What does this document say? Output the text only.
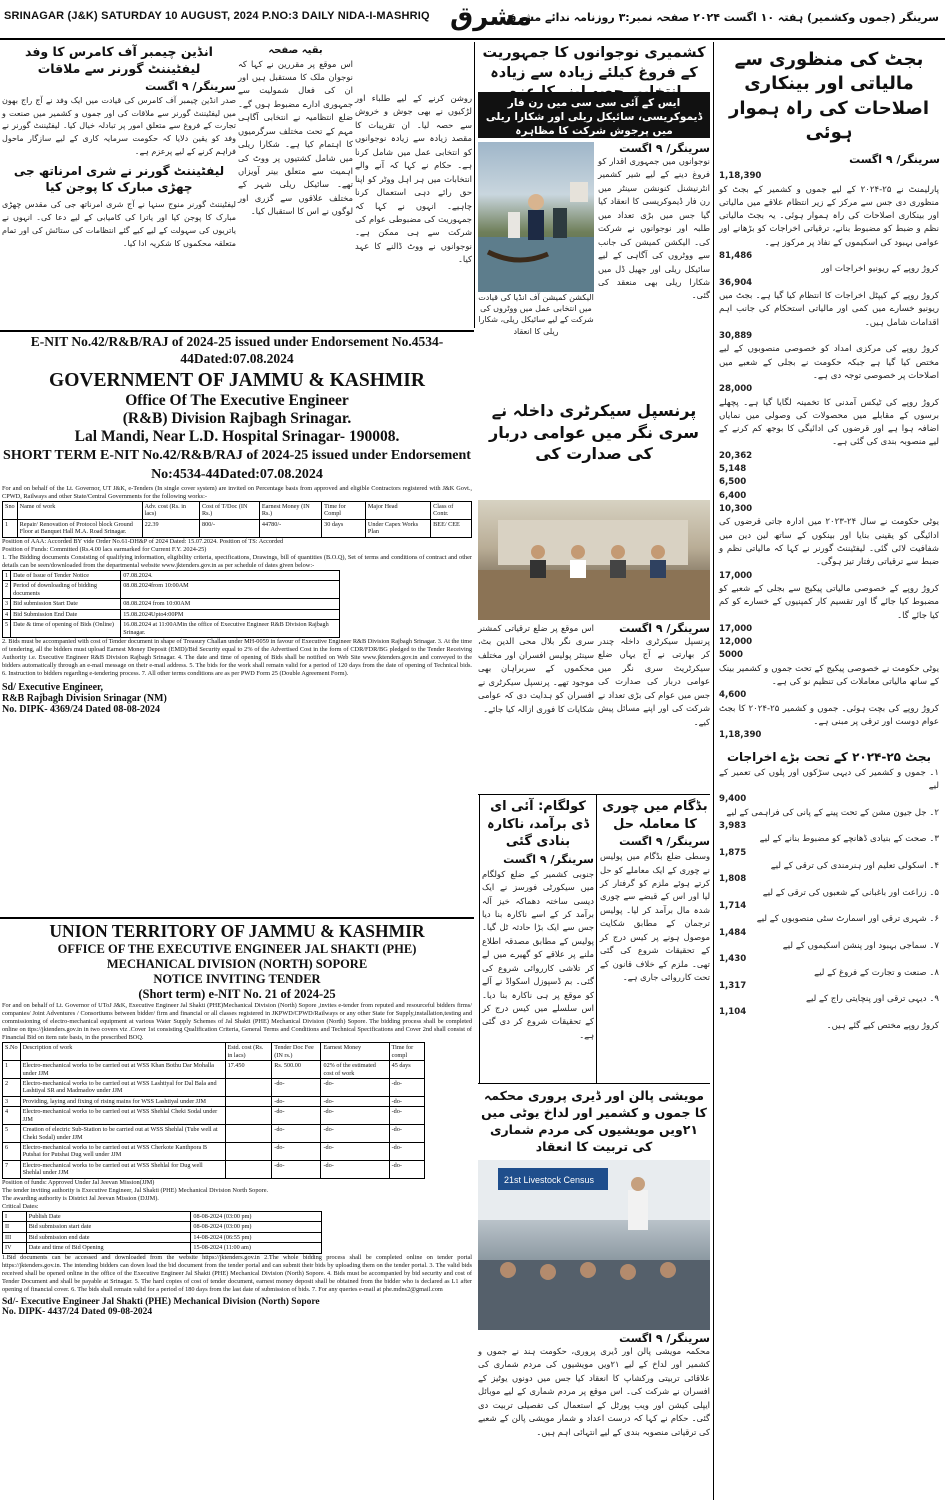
SRINAGAR (J&K) SATURDAY 10 AUGUST, 2024 P.NO:3 DAILY NIDA-I-MASHRIQ مشرق
سرینگر (جموں وکشمیر) ہفتہ ۱۰ اگست ۲۰۲۴ صفحہ نمبر:۳ روزنامہ ندائے مشرق
بجٹ کی منظوری سے مالیاتی اور بینکاری اصلاحات کی راہ ہموار ہوئی
سرینگر/ ۹ اگست
1,18,390
پارلیمنٹ نے ۲۵-۲۰۲۴ کے لیے جموں و کشمیر کے بجٹ کو منظوری دی جس سے مرکز کے زیر انتظام علاقے میں مالیاتی اور بینکاری اصلاحات کی راہ ہموار ہوئی۔ یہ بجٹ مالیاتی نظم و ضبط کو مضبوط بنانے، ترقیاتی اخراجات کو بڑھانے اور عوامی بہبود کی اسکیموں کے نفاذ پر مرکوز ہے۔
81,486
کروڑ روپے کے ریونیو اخراجات اور
36,904
کروڑ روپے کے کیپٹل اخراجات کا انتظام کیا گیا ہے۔ بجٹ میں ریونیو خسارے میں کمی اور مالیاتی استحکام کی جانب اہم اقدامات شامل ہیں۔
30,889
کروڑ روپے کی مرکزی امداد کو خصوصی منصوبوں کے لیے مختص کیا گیا ہے جبکہ حکومت نے بجلی کے شعبے میں اصلاحات پر خصوصی توجہ دی ہے۔
28,000
کروڑ روپے کی ٹیکس آمدنی کا تخمینہ لگایا گیا ہے۔ پچھلے برسوں کے مقابلے میں محصولات کی وصولی میں نمایاں اضافہ ہوا ہے اور قرضوں کی ادائیگی کا بوجھ کم کرنے کے لیے منصوبہ بندی کی گئی ہے۔
20,362
5,148
6,500
6,400
10,300
یوٹی حکومت نے سال ۲۴-۲۰۲۳ میں ادارہ جاتی قرضوں کی ادائیگی کو یقینی بنایا اور بینکوں کے ساتھ لین دین میں شفافیت لائی گئی۔ لیفٹیننٹ گورنر نے کہا کہ مالیاتی نظم و ضبط سے ترقیاتی رفتار تیز ہوگی۔
17,000
کروڑ روپے کے خصوصی مالیاتی پیکیج سے بجلی کے شعبے کو مضبوط کیا جائے گا اور تقسیم کار کمپنیوں کے خسارے کو کم کیا جائے گا۔
17,000
12,000
5000
یوٹی حکومت نے خصوصی پیکیج کے تحت جموں و کشمیر بینک کے ساتھ مالیاتی معاملات کی تنظیم نو کی ہے۔
4,600
کروڑ روپے کی بچت ہوئی۔ جموں و کشمیر ۲۵-۲۰۲۴ کا بجٹ عوام دوست اور ترقی پر مبنی ہے۔
1,18,390
بجٹ ۲۵-۲۰۲۴ کے تحت بڑے اخراجات
۱۔ جموں و کشمیر کی دیہی سڑکوں اور پلوں کی تعمیر کے لیے
9,400
۲۔ جل جیون مشن کے تحت پینے کے پانی کی فراہمی کے لیے
3,983
۳۔ صحت کے بنیادی ڈھانچے کو مضبوط بنانے کے لیے
1,875
۴۔ اسکولی تعلیم اور ہنرمندی کی ترقی کے لیے
1,808
۵۔ زراعت اور باغبانی کے شعبوں کی ترقی کے لیے
1,714
۶۔ شہری ترقی اور اسمارٹ سٹی منصوبوں کے لیے
1,484
۷۔ سماجی بہبود اور پنشن اسکیموں کے لیے
1,430
۸۔ صنعت و تجارت کے فروغ کے لیے
1,317
۹۔ دیہی ترقی اور پنچایتی راج کے لیے
1,104
کروڑ روپے مختص کیے گئے ہیں۔
کشمیری نوجوانوں کا جمہوریت کے فروغ کیلئے زیادہ سے زیادہ
ایس کے آئی سی سی میں رن فار ڈیموکریسی، سائیکل ریلی اور شکارا ریلی میں پرجوش شرکت کا مظاہرہ
سرینگر/ ۹ اگست
نوجوانوں میں جمہوری اقدار کو فروغ دینے کے لیے شیر کشمیر انٹرنیشنل کنونشن سینٹر میں رن فار ڈیموکریسی کا انعقاد کیا گیا جس میں بڑی تعداد میں طلبہ اور نوجوانوں نے شرکت کی۔ الیکشن کمیشن کی جانب سے ووٹروں کی آگاہی کے لیے سائیکل ریلی اور جھیل ڈل میں شکارا ریلی بھی منعقد کی گئی۔
الیکشن کمیشن آف انڈیا کی قیادت میں انتخابی عمل میں ووٹروں کی شرکت کے لیے سائیکل ریلی، شکارا ریلی کا انعقاد
روشن کرنے کے لیے طلباء اور لڑکیوں نے بھی جوش و خروش سے حصہ لیا۔ ان تقریبات کا مقصد زیادہ سے زیادہ نوجوانوں کو انتخابی عمل میں شامل کرنا ہے۔ حکام نے کہا کہ آنے والے انتخابات میں ہر اہل ووٹر کو اپنا حق رائے دہی استعمال کرنا چاہیے۔ انہوں نے کہا کہ جمہوریت کی مضبوطی عوام کی شرکت سے ہی ممکن ہے۔ نوجوانوں نے ووٹ ڈالنے کا عہد کیا۔
بقیہ صفحہ
اس موقع پر مقررین نے کہا کہ نوجوان ملک کا مستقبل ہیں اور ان کی فعال شمولیت سے جمہوری ادارے مضبوط ہوں گے۔ ضلع انتظامیہ نے انتخابی آگاہی مہم کے تحت مختلف سرگرمیوں کا اہتمام کیا ہے۔ شکارا ریلی میں شامل کشتیوں پر ووٹ کی اہمیت سے متعلق بینر آویزاں تھے۔ سائیکل ریلی شہر کے مختلف علاقوں سے گزری اور لوگوں نے اس کا استقبال کیا۔
انڈین چیمبر آف کامرس کا وفد لیفٹیننٹ گورنر سے ملاقات
سرینگر/ ۹ اگست
صدر انڈین چیمبر آف کامرس کی قیادت میں ایک وفد نے آج راج بھون میں لیفٹیننٹ گورنر سے ملاقات کی اور جموں و کشمیر میں صنعت و تجارت کے فروغ سے متعلق امور پر تبادلہ خیال کیا۔ لیفٹیننٹ گورنر نے وفد کو یقین دلایا کہ حکومت سرمایہ کاری کے لیے سازگار ماحول فراہم کرنے کے لیے پرعزم ہے۔
لیفٹیننٹ گورنر نے شری امرناتھ جی چھڑی مبارک کا پوجن کیا
لیفٹیننٹ گورنر منوج سنہا نے آج شری امرناتھ جی کی مقدس چھڑی مبارک کا پوجن کیا اور یاترا کی کامیابی کے لیے دعا کی۔ انہوں نے یاتریوں کی سہولت کے لیے کیے گئے انتظامات کی ستائش کی اور تمام متعلقہ محکموں کا شکریہ ادا کیا۔
E-NIT No.42/R&B/RAJ of 2024-25 issued under Endorsement No.4534-44Dated:07.08.2024
GOVERNMENT OF JAMMU & KASHMIR
Office Of The Executive Engineer
(R&B) Division Rajbagh Srinagar.
Lal Mandi, Near L.D. Hospital Srinagar- 190008.
SHORT TERM E-NIT No.42/R&B/RAJ of 2024-25 issued under Endorsement No:4534-44Dated:07.08.2024

For and on behalf of the Lt. Governor, UT J&K, e-Tenders (In single cover system) are invited on Percentage basis from approved and eligible Contractors registered with J&K Govt., CPWD, Railways and other State/Central Governments for the following works:-

Sno	Name of work	Adv. cost (Rs. in lacs)	Cost of T/Doc (IN Rs.)	Earnest Money (IN Rs.)	Time for Compl	Major Head	Class of Contr.
1	Repair/ Renovation of Protocol block Ground Floor at Banquet Hall M.A. Road Srinagar.	22.39	800/-	44780/-	30 days	Under Capex Works Plan	BEE/ CEE

Position of AAA: Accorded BY vide Order No.61-DH&P of 2024 Dated: 15.07.2024. Position of TS: Accorded

Position of Funds: Committed (Rs.4.00 lacs earmarked for Current F.Y. 2024-25)

1. The Bidding documents Consisting of qualifying information, eligibility criteria, specifications, Drawings, bill of quantities (B.O.Q), Set of terms and conditions of contract and other details can be seen/downloaded from the departmental website www.jktenders.gov.in as per schedule of dates given below:-

1	Date of Issue of Tender Notice	07.08.2024.
2	Period of downloading of bidding documents	08.08.2024from 10:00AM
3	Bid submission Start Date	08.08.2024 from 10:00AM
4	Bid Submission End Date	15.08.2024Upto4:00PM
5	Date & time of opening of Bids (Online)	16.08.2024 at 11:00AMin the office of Executive Engineer R&B Division Rajbagh Srinagar.

2. Bids must be accompanied with cost of Tender document in shape of Treasury Challan under MH-0059 in favour of Executive Engineer R&B Division Rajbagh Srinagar. 3. At the time of tendering, all the bidders must upload Earnest Money Deposit (EMD)/Bid Security equal to 2% of the Advertised Cost in the form of CDR/FDR/BG pledged to the Tender Receiving Authority i.e. Executive Engineer R&B Division Rajbagh Srinagar. 4. The date and time of opening of Bids shall be notified on Web Site www.jktenders.gov.in and conveyed to the bidders automatically through an e-mail message on their e-mail address. 5. The bids for the work shall remain valid for a period of 120 days from the date of opening of Technical bids. 6. Instruction to bidders regarding e-tendering process. 7. All other terms conditions are as per PWD Form 25 (Double Agreement Form).

Sd/ Executive Engineer,

R&B Rajbagh Division Srinagar (NM)

No. DIPK- 4369/24 Dated 08-08-2024

UNION TERRITORY OF JAMMU & KASHMIR
OFFICE OF THE EXECUTIVE ENGINEER JAL SHAKTI (PHE)
MECHANICAL DIVISION (NORTH) SOPORE
NOTICE INVITING TENDER
(Short term) e-NIT No. 21 of 2024-25

For and on behalf of Lt. Governor of UToJ J&K, Executive Engineer Jal Shakti (PHE)Mechanical Division (North) Sopore ,invites e-tender from reputed and resourceful bidders firms/ companies/ Joint Adventures / Consortiums between bidder/ firm and financial or all classes registered in JKPWD/CPWD/Railways or any other State for Supply,installation,testing and commissioning of electro-mechanical equipment at various Water Supply Schemes of Jal Shakti (PHE) Mechanical Division (North) Sopore. The bidding process shall be completed online on ttps://jktenders.gov.in in two covers viz .Cover 1st consisting Qualification Criteria, General Terms and Conditions and Technical Specifications and Cover 2nd shall consist of Financial Bid on item rate basis, in the prescribed BOQ.

S.No	Description of work	Estd. cost (Rs. in lacs)	Tender Doc Fee (IN rs.)	Earnest Money	Time for compl
1	Electro-mechanical works to be carried out at WSS Khan Bothu Dar Mohalla under JJM	17.450	Rs. 500.00	02% of the estimated cost of work	45 days
2	Electro-mechanical works to be carried out at WSS Lashtiyal for Dal Bala and Lashtiyal SR and Madmadov under JJM		-do-	-do-	-do-
3	Providing, laying and fixing of rising mains for WSS Lashtiyal under JJM		-do-	-do-	-do-
4	Electro-mechanical works to be carried out at WSS Shehlal Cheki Sodal under JJM		-do-	-do-	-do-
5	Creation of electric Sub-Station to be carried out at WSS Shehlal (Tube well at Cheki Sodal) under JJM		-do-	-do-	-do-
6	Electro-mechanical works to be carried out at WSS Cherkote Kanthpora B Putshai for Putshai Dug well under JJM		-do-	-do-	-do-
7	Electro-mechanical works to be carried out at WSS Shehlal for Dug well Shehlal under JJM		-do-	-do-	-do-

Position of funds: Approved Under Jal Jeevan Mission(JJM)

The tender inviting authority is Executive Engineer, Jal Shakti (PHE) Mechanical Division North Sopore.

The awarding authority is District Jal Jeevan Mission (DJJM).

Critical Dates:

I	Publish Date	08-08-2024 (03:00 pm)
II	Bid submission start date	08-08-2024 (03:00 pm)
III	Bid submission end date	14-08-2024 (06:55 pm)
IV	Date and time of Bid Opening	15-08-2024 (11:00 am)

1.Bid documents can be accessed and downloaded from the website https://jktenders.gov.in 2.The whole bidding process shall be completed online on tender portal https://jktenders.gov.in. The intending bidders can down load the bid document from the tender portal and can submit their bids by uploading them on the tender portal. 3. The valid bids received shall be opened online in the office of the Executive Engineer Jal Shakti (PHE) Mechanical Division (North) Sopore. 4. Bids must be accompanied by bid security and cost of Tender Document and shall be payable at Srinagar. 5. The hard copies of cost of tender document, earnest money deposit shall be obtained from the bidder who is declared as L1 after opening of financial cover. 6. The bids shall remain valid for a period of 180 days from the last date of submission of bids. 7. For any queries e-mail at phe.mdns2@gmail.com

Sd/- Executive Engineer Jal Shakti (PHE) Mechanical Division (North) Sopore

No. DIPK- 4437/24 Dated 09-08-2024

پرنسپل سیکرٹری داخلہ نے سری نگر میں عوامی دربار کی صدارت کی
سرینگر/ ۹ اگست
پرنسپل سیکرٹری داخلہ چندر کر بھارتی نے آج یہاں ضلع سیکرٹریٹ سری نگر میں عوامی دربار کی صدارت کی جس میں عوام کی بڑی تعداد نے شرکت کی اور اپنے مسائل پیش کیے۔
اس موقع پر ضلع ترقیاتی کمشنر سری نگر بلال محی الدین بٹ، سینئر پولیس افسران اور مختلف محکموں کے سربراہان بھی موجود تھے۔ پرنسپل سیکرٹری نے افسران کو ہدایت دی کہ عوامی شکایات کا فوری ازالہ کیا جائے۔
کولگام: آئی ای ڈی برآمد، ناکارہ بنادی گئی
سرینگر/ ۹ اگست
جنوبی کشمیر کے ضلع کولگام میں سیکورٹی فورسز نے ایک دیسی ساختہ دھماکہ خیز آلہ برآمد کر کے اسے ناکارہ بنا دیا جس سے ایک بڑا حادثہ ٹل گیا۔ پولیس کے مطابق مصدقہ اطلاع ملنے پر علاقے کو گھیرے میں لے کر تلاشی کارروائی شروع کی گئی۔ بم ڈسپوزل اسکواڈ نے آلے کو موقع پر ہی ناکارہ بنا دیا۔ اس سلسلے میں کیس درج کر کے تحقیقات شروع کر دی گئی ہے۔
بڈگام میں چوری کا معاملہ حل
سرینگر/ ۹ اگست
وسطی ضلع بڈگام میں پولیس نے چوری کے ایک معاملے کو حل کرتے ہوئے ملزم کو گرفتار کر لیا اور اس کے قبضے سے چوری شدہ مال برآمد کر لیا۔ پولیس ترجمان کے مطابق شکایت موصول ہونے پر کیس درج کر کے تحقیقات شروع کی گئی تھی۔ ملزم کے خلاف قانون کے تحت کارروائی جاری ہے۔
مویشی پالن اور ڈیری پروری محکمہ کا جموں و کشمیر اور لداخ یوٹی میں ۲۱ویں مویشیوں کی مردم شماری کی تربیت کا انعقاد
21st Livestock Census
سرینگر/ ۹ اگست
محکمہ مویشی پالن اور ڈیری پروری، حکومت ہند نے جموں و کشمیر اور لداخ کے لیے ۲۱ویں مویشیوں کی مردم شماری کی علاقائی تربیتی ورکشاپ کا انعقاد کیا جس میں دونوں یوٹیز کے افسران نے شرکت کی۔ اس موقع پر مردم شماری کے لیے موبائل ایپلی کیشن اور ویب پورٹل کے استعمال کی تفصیلی تربیت دی گئی۔ حکام نے کہا کہ درست اعداد و شمار مویشی پالن کے شعبے کی ترقیاتی منصوبہ بندی کے لیے انتہائی اہم ہیں۔
